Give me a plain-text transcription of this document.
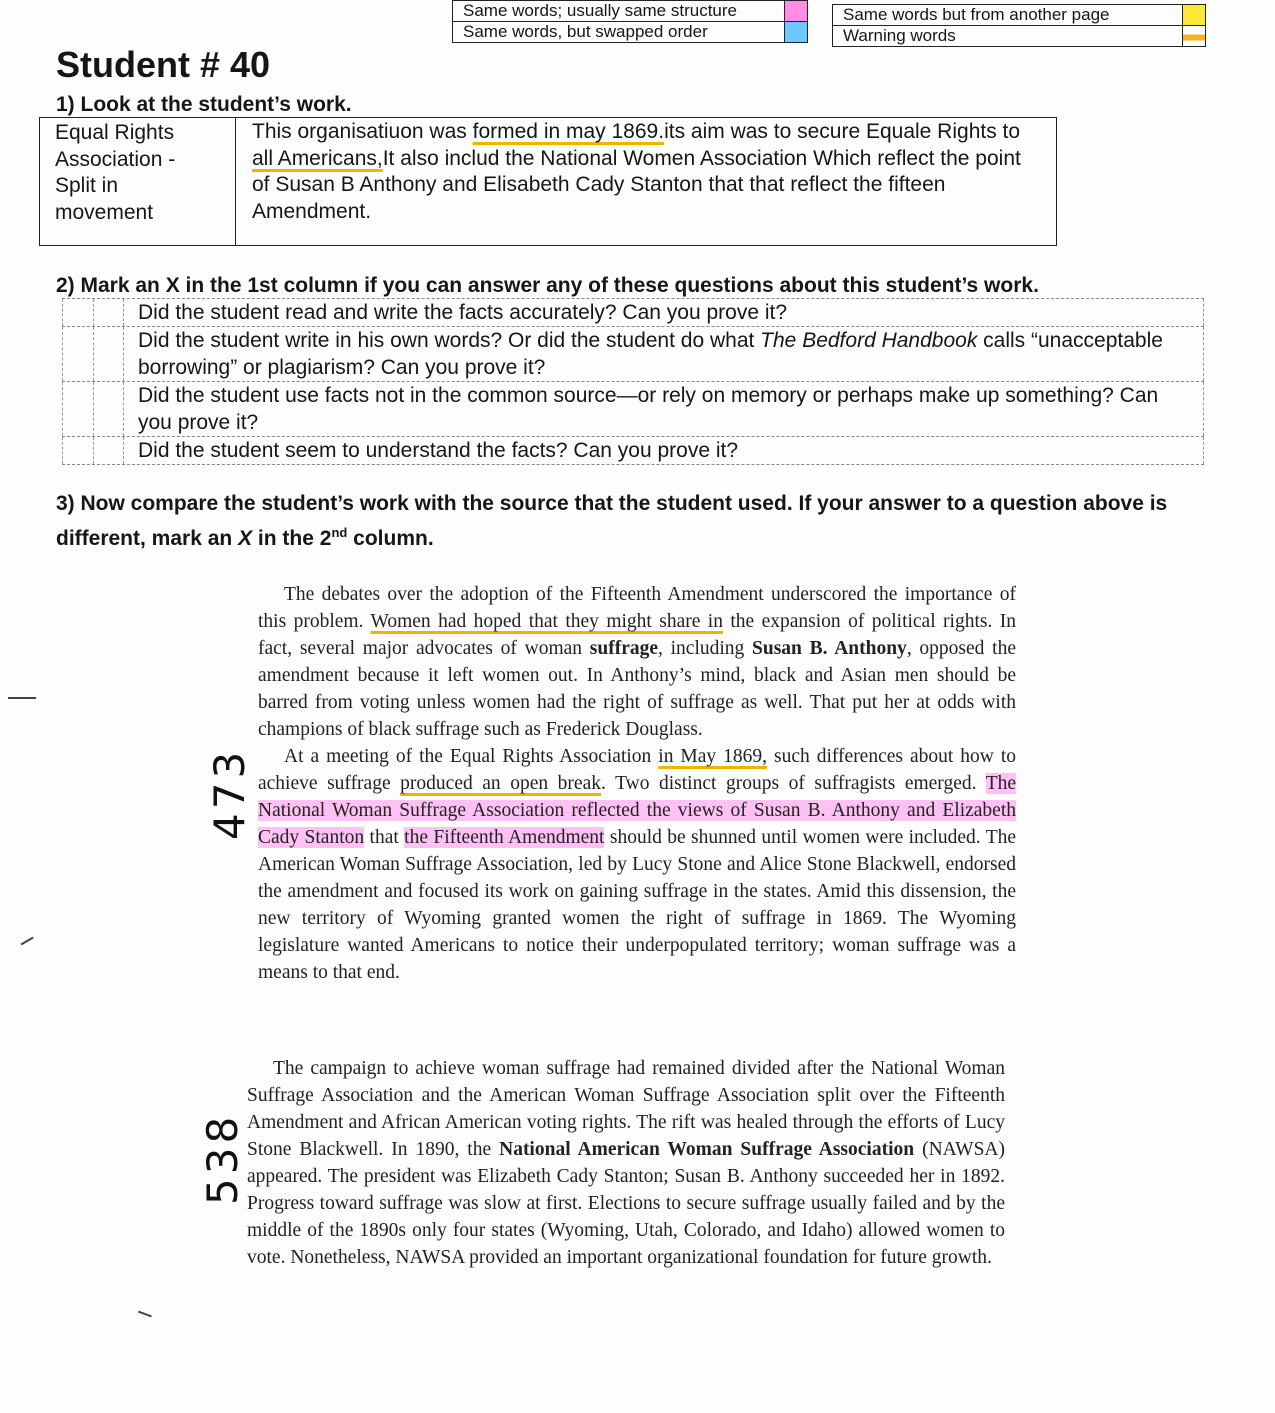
Same words; usually same structure	
Same words, but swapped order	
Same words but from another page	
Warning words	
Student # 40

1) Look at the student’s work.

Equal Rights
Association -
Split in
movement
This organisatiuon was formed in may 1869.its aim was to secure Equale Rights to all Americans,It also includ the National Women Association Which reflect the point of Susan B Anthony and Elisabeth Cady Stanton that that reflect the fifteen Amendment.

2) Mark an X in the 1st column if you can answer any of these questions about this student’s work.

Did the student read and write the facts accurately? Can you prove it?
Did the student write in his own words? Or did the student do what The Bedford Handbook calls “unacceptable borrowing” or plagiarism? Can you prove it?
Did the student use facts not in the common source—or rely on memory or perhaps make up something? Can you prove it?
Did the student seem to understand the facts? Can you prove it?

3) Now compare the student’s work with the source that the student used. If your answer to a question above is different, mark an X in the 2nd column.

473

The debates over the adoption of the Fifteenth Amendment underscored the importance of this problem. Women had hoped that they might share in the expansion of political rights. In fact, several major advocates of woman suffrage, including Susan B. Anthony, opposed the amendment because it left women out. In Anthony’s mind, black and Asian men should be barred from voting unless women had the right of suffrage as well. That put her at odds with champions of black suffrage such as Frederick Douglass.

At a meeting of the Equal Rights Association in May 1869, such differences about how to achieve suffrage produced an open break. Two distinct groups of suffragists emerged. The National Woman Suffrage Association reflected the views of Susan B. Anthony and Elizabeth Cady Stanton that the Fifteenth Amendment should be shunned until women were included. The American Woman Suffrage Association, led by Lucy Stone and Alice Stone Blackwell, endorsed the amendment and focused its work on gaining suffrage in the states. Amid this dissension, the new territory of Wyoming granted women the right of suffrage in 1869. The Wyoming legislature wanted Americans to notice their underpopulated territory; woman suffrage was a means to that end.

538

The campaign to achieve woman suffrage had remained divided after the National Woman Suffrage Association and the American Woman Suffrage Association split over the Fifteenth Amendment and African American voting rights. The rift was healed through the efforts of Lucy Stone Blackwell. In 1890, the National American Woman Suffrage Association (NAWSA) appeared. The president was Elizabeth Cady Stanton; Susan B. Anthony succeeded her in 1892. Progress toward suffrage was slow at first. Elections to secure suffrage usually failed and by the middle of the 1890s only four states (Wyoming, Utah, Colorado, and Idaho) allowed women to vote. Nonetheless, NAWSA provided an important organizational foundation for future growth.
